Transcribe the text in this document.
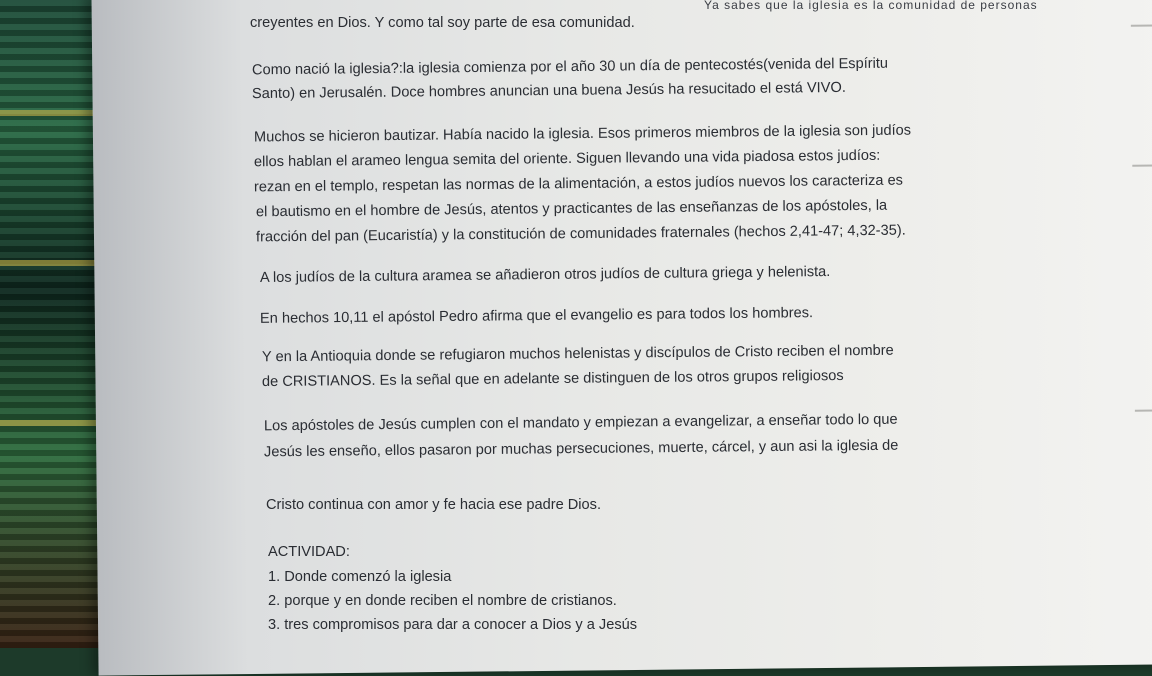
Ya sabes que la iglesia es la comunidad de personas

creyentes en Dios. Y como tal soy parte de esa comunidad.

Como nació la iglesia?:la iglesia comienza por el año 30 un día de pentecostés(venida del Espíritu

Santo) en Jerusalén. Doce hombres anuncian una buena Jesús ha resucitado el está VIVO.

Muchos se hicieron bautizar. Había nacido la iglesia. Esos primeros miembros de la iglesia son judíos

ellos hablan el arameo lengua semita del oriente. Siguen llevando una vida piadosa estos judíos:

rezan en el templo, respetan las normas de la alimentación, a estos judíos nuevos los caracteriza es

el bautismo en el hombre de Jesús, atentos y practicantes de las enseñanzas de los apóstoles, la

fracción del pan (Eucaristía) y la constitución de comunidades fraternales (hechos 2,41-47; 4,32-35).

A los judíos de la cultura aramea se añadieron otros judíos de cultura griega y helenista.

En hechos 10,11 el apóstol Pedro afirma que el evangelio es para todos los hombres.

Y en la Antioquia donde se refugiaron muchos helenistas y discípulos de Cristo reciben el nombre

de CRISTIANOS. Es la señal que en adelante se distinguen de los otros grupos religiosos

Los apóstoles de Jesús cumplen con el mandato y empiezan a evangelizar, a enseñar todo lo que

Jesús les enseño, ellos pasaron por muchas persecuciones, muerte, cárcel, y aun asi la iglesia de

Cristo continua con amor y fe hacia ese padre Dios.

ACTIVIDAD:

1. Donde comenzó la iglesia

2. porque y en donde reciben el nombre de cristianos.

3. tres compromisos para dar a conocer a Dios y a Jesús
